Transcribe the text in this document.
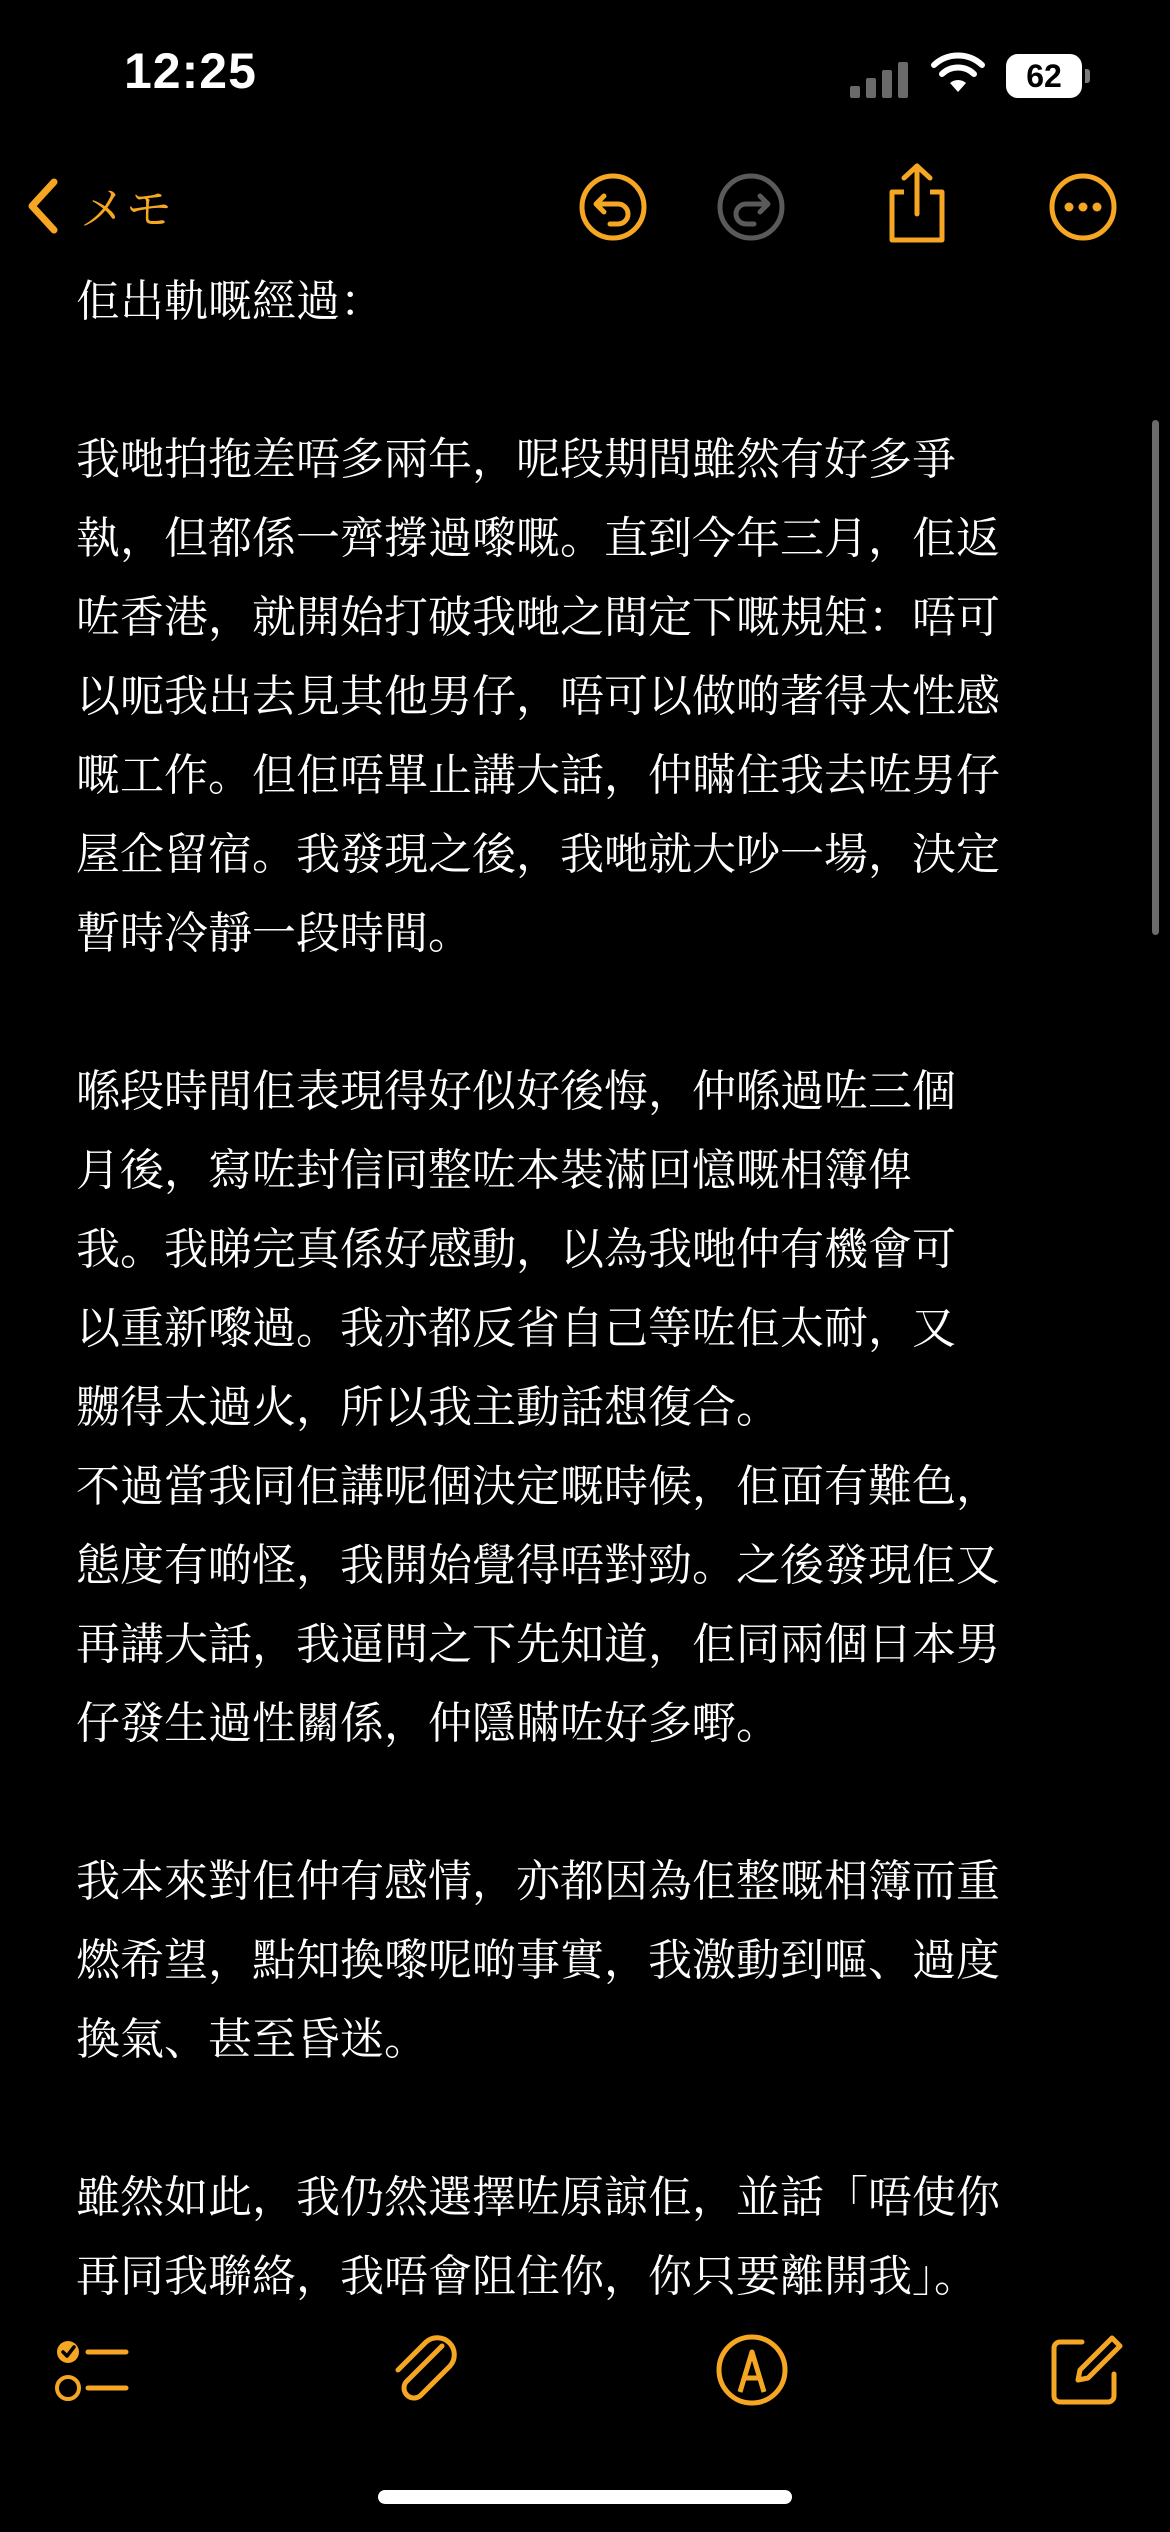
12:25	62
メモ

佢出軌嘅經過：

我哋拍拖差唔多兩年，呢段期間雖然有好多爭

執，但都係一齊撐過嚟嘅。直到今年三月，佢返

咗香港，就開始打破我哋之間定下嘅規矩：唔可

以呃我出去見其他男仔，唔可以做啲著得太性感

嘅工作。但佢唔單止講大話，仲瞞住我去咗男仔

屋企留宿。我發現之後，我哋就大吵一場，決定

暫時冷靜一段時間。

喺段時間佢表現得好似好後悔，仲喺過咗三個

月後，寫咗封信同整咗本裝滿回憶嘅相簿俾

我。我睇完真係好感動，以為我哋仲有機會可

以重新嚟過。我亦都反省自己等咗佢太耐，又

嬲得太過火，所以我主動話想復合。

不過當我同佢講呢個決定嘅時候，佢面有難色，

態度有啲怪，我開始覺得唔對勁。之後發現佢又

再講大話，我逼問之下先知道，佢同兩個日本男

仔發生過性關係，仲隱瞞咗好多嘢。

我本來對佢仲有感情，亦都因為佢整嘅相簿而重

燃希望，點知換嚟呢啲事實，我激動到嘔、過度

換氣、甚至昏迷。

雖然如此，我仍然選擇咗原諒佢，並話「唔使你

再同我聯絡，我唔會阻住你，你只要離開我」。
